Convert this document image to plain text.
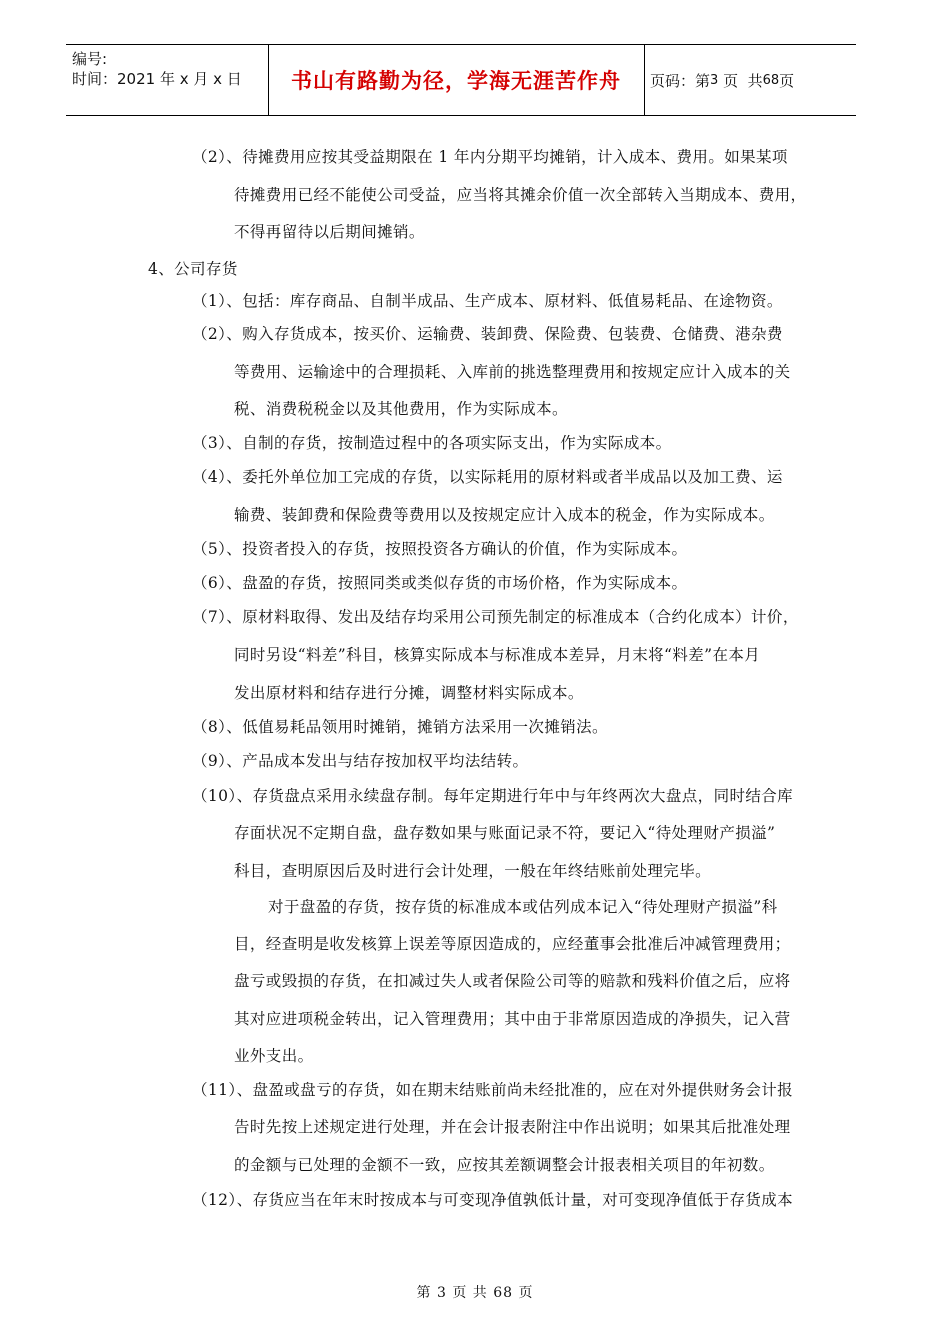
编号:
时间：2021 年 x 月 x 日	书山有路勤为径，学海无涯苦作舟	页码：第 3
页  共 68 页
（2）、待摊费用应按其受益期限在 1 年内分期平均摊销，计入成本、费用。如果某项
待摊费用已经不能使公司受益，应当将其摊余价值一次全部转入当期成本、费用，
不得再留待以后期间摊销。
4、公司存货
（1）、包括：库存商品、自制半成品、生产成本、原材料、低值易耗品、在途物资。
（2）、购入存货成本，按买价、运输费、装卸费、保险费、包装费、仓储费、港杂费
等费用、运输途中的合理损耗、入库前的挑选整理费用和按规定应计入成本的关
税、消费税税金以及其他费用，作为实际成本。
（3）、自制的存货，按制造过程中的各项实际支出，作为实际成本。
（4）、委托外单位加工完成的存货，以实际耗用的原材料或者半成品以及加工费、运
输费、装卸费和保险费等费用以及按规定应计入成本的税金，作为实际成本。
（5）、投资者投入的存货，按照投资各方确认的价值，作为实际成本。
（6）、盘盈的存货，按照同类或类似存货的市场价格，作为实际成本。
（7）、原材料取得、发出及结存均采用公司预先制定的标准成本（合约化成本）计价，
同时另设“料差”科目，核算实际成本与标准成本差异，月末将“料差”在本月
发出原材料和结存进行分摊，调整材料实际成本。
（8）、低值易耗品领用时摊销，摊销方法采用一次摊销法。
（9）、产品成本发出与结存按加权平均法结转。
（10）、存货盘点采用永续盘存制。每年定期进行年中与年终两次大盘点，同时结合库
存面状况不定期自盘，盘存数如果与账面记录不符，要记入“待处理财产损溢”
科目，查明原因后及时进行会计处理，一般在年终结账前处理完毕。
对于盘盈的存货，按存货的标准成本或估列成本记入“待处理财产损溢”科
目，经查明是收发核算上误差等原因造成的，应经董事会批准后冲减管理费用；
盘亏或毁损的存货，在扣减过失人或者保险公司等的赔款和残料价值之后，应将
其对应进项税金转出，记入管理费用；其中由于非常原因造成的净损失，记入营
业外支出。
（11）、盘盈或盘亏的存货，如在期末结账前尚未经批准的，应在对外提供财务会计报
告时先按上述规定进行处理，并在会计报表附注中作出说明；如果其后批准处理
的金额与已处理的金额不一致，应按其差额调整会计报表相关项目的年初数。
（12）、存货应当在年末时按成本与可变现净值孰低计量，对可变现净值低于存货成本
第 3 页 共 68 页
